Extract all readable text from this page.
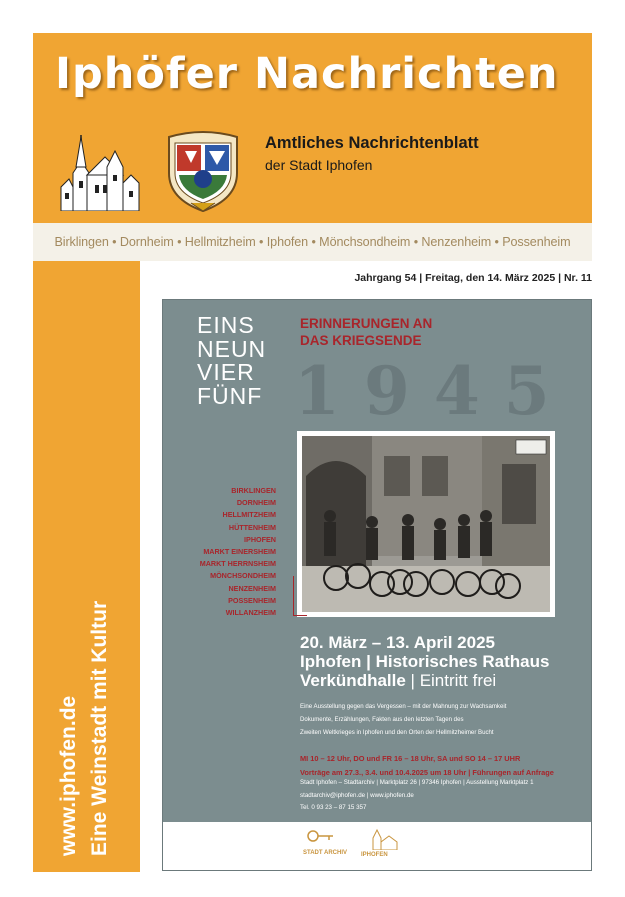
Iphöfer Nachrichten
Amtliches Nachrichtenblatt
der Stadt Iphofen
Birklingen • Dornheim • Hellmitzheim • Iphofen • Mönchsondheim • Nenzenheim • Possenheim
www.iphofen.de Eine Weinstadt mit Kultur
Jahrgang 54 | Freitag, den 14. März 2025 | Nr. 11
EINS
NEUN
VIER
FÜNF
ERINNERUNGEN AN
DAS KRIEGSENDE
1945
BIRKLINGEN
DORNHEIM
HELLMITZHEIM
HÜTTENHEIM
IPHOFEN
MARKT EINERSHEIM
MARKT HERRNSHEIM
MÖNCHSONDHEIM
NENZENHEIM
POSSENHEIM
WILLANZHEIM
20. März – 13. April 2025
Iphofen | Historisches Rathaus
Verkündhalle | Eintritt frei
Eine Ausstellung gegen das Vergessen – mit der Mahnung zur Wachsamkeit
Dokumente, Erzählungen, Fakten aus den letzten Tagen des
Zweiten Weltkrieges in Iphofen und den Orten der Hellmitzheimer Bucht
MI 10 – 12 Uhr, DO und FR 16 – 18 Uhr, SA und SO 14 – 17 UHR
Vorträge am 27.3., 3.4. und 10.4.2025 um 18 Uhr | Führungen auf Anfrage
Stadt Iphofen – Stadtarchiv | Marktplatz 26 | 97346 Iphofen | Ausstellung Marktplatz 1
stadtarchiv@iphofen.de | www.iphofen.de
Tel. 0 93 23 – 87 15 357
STADT ARCHIV IPHOFEN
